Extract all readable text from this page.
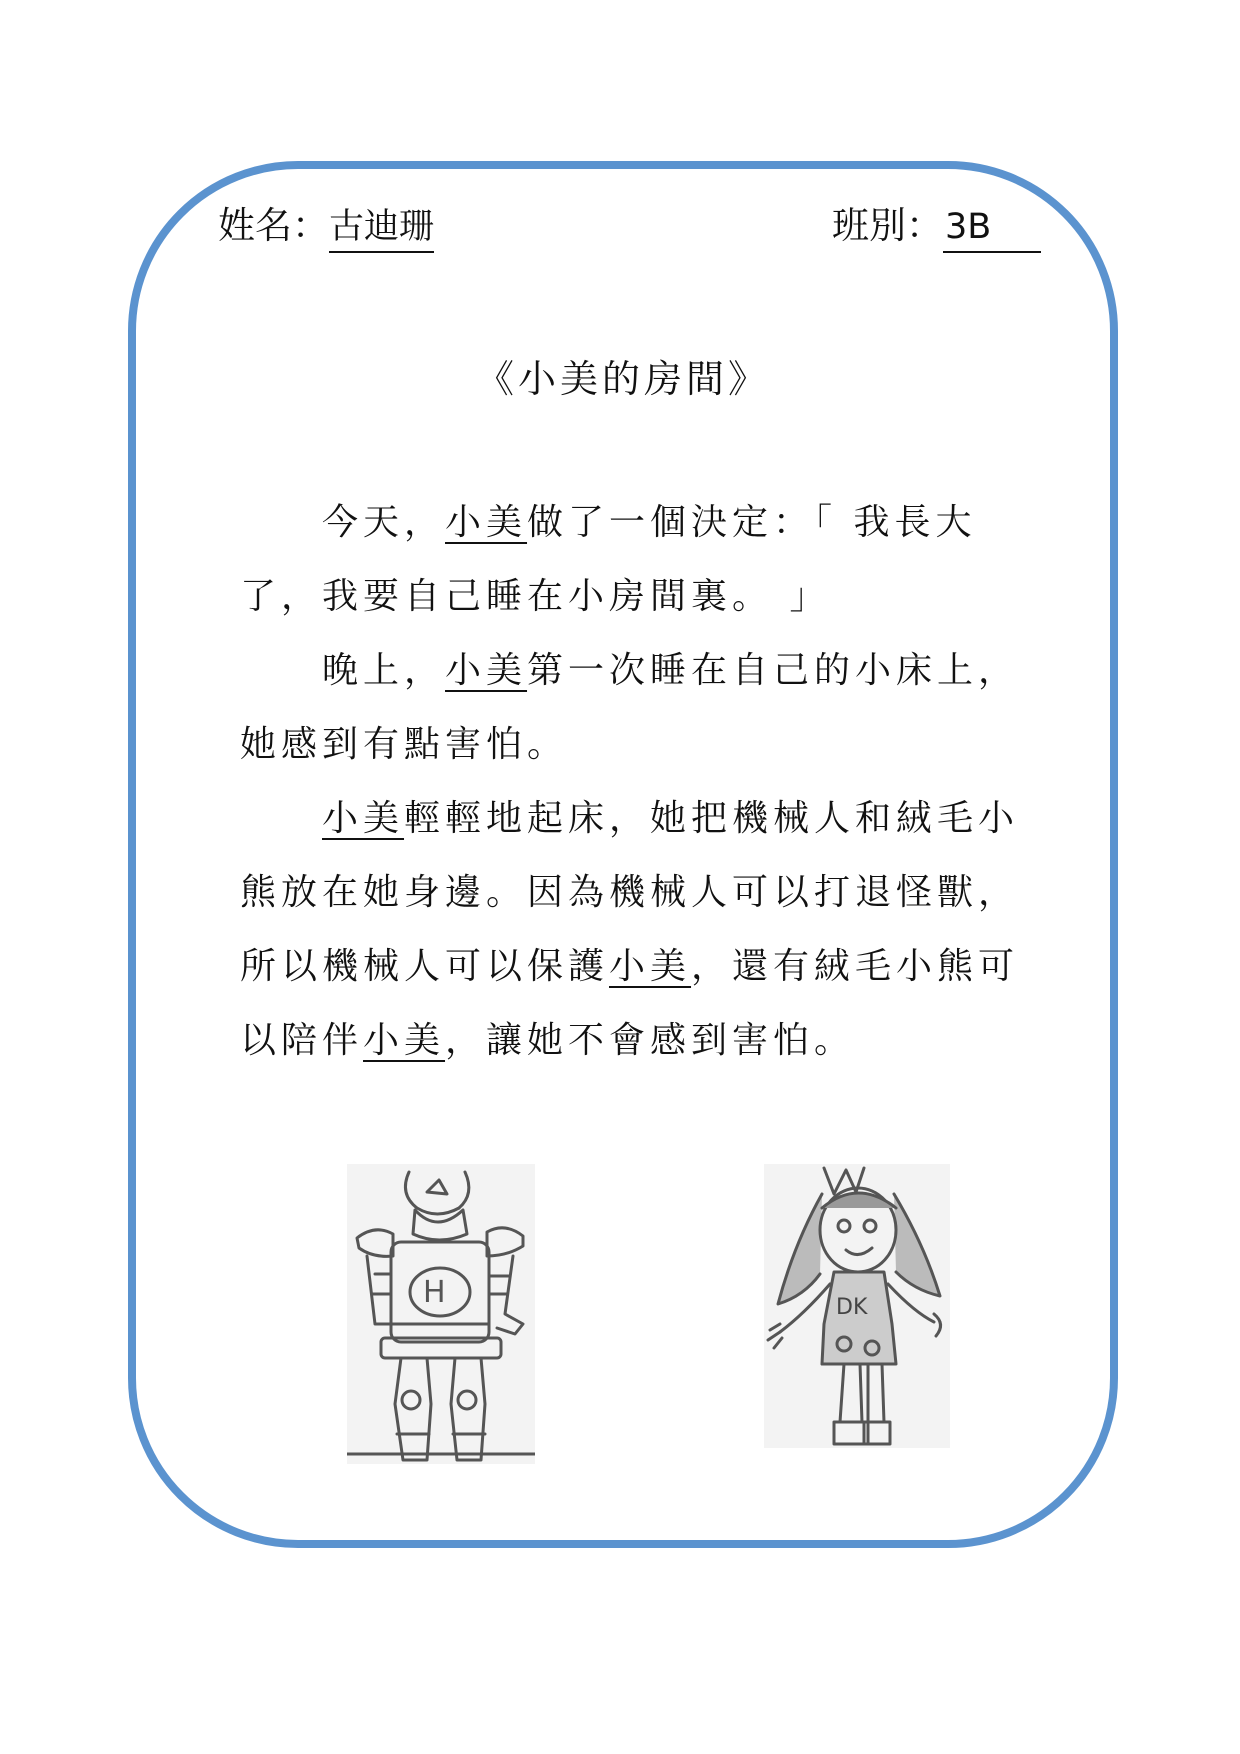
姓名：古迪珊	班別：3B
《小美的房間》
今天，小美做了一個決定：「 我長大
了，我要自己睡在小房間裏。 」
晚上，小美第一次睡在自己的小床上，
她感到有點害怕。
小美輕輕地起床，她把機械人和絨毛小
熊放在她身邊。因為機械人可以打退怪獸，
所以機械人可以保護小美，還有絨毛小熊可
以陪伴小美，讓她不會感到害怕。
H	DK
